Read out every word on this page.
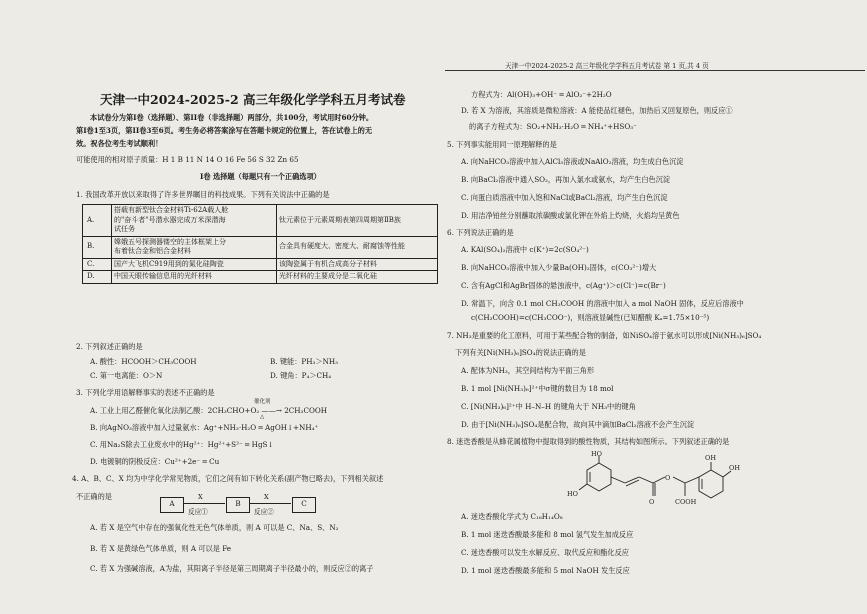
天津一中2024-2025-2 高三年级化学学科五月考试卷
本试卷分为第I卷（选择题）、第II卷（非选择题）两部分，共100分，考试用时60分钟。
第I卷1至3页，第II卷3至6页。考生务必将答案涂写在答题卡规定的位置上，答在试卷上的无
效。祝各位考生考试顺利！
可能使用的相对原子质量：H 1 B 11 N 14 O 16 Fe 56 S 32 Zn 65
I卷 选择题（每题只有一个正确选项）
1. 我国改革开放以来取得了许多世界瞩目的科技成果。下列有关说法中正确的是
A.	搭载有新型钛合金材料Ti-62A载人舱
的"奋斗者"号潜水器完成万米深潜海
试任务	钛元素位于元素周期表第四周期第ⅡB族
B.	嫦娥五号探测器镂空的主体框架上分
布着钛合金和铝合金材料	合金具有硬度大、密度大、耐腐蚀等性能
C.	国产大飞机C919用到的氮化硅陶瓷	该陶瓷属于有机合成高分子材料
D.	中国天眼传输信息用的光纤材料	光纤材料的主要成分是二氧化硅
2. 下列叙述正确的是
A. 酸性：HCOOH＞CH₃COOH	B. 键能：PH₃＞NH₃
C. 第一电离能：O＞N	D. 键角：P₄＞CH₄
3. 下列化学用语解释事实的表述不正确的是
催化剂
A. 工业上用乙醛催化氧化法制乙酸：2CH₃CHO+O₂ ——→ 2CH₃COOH
△
B. 向AgNO₃溶液中加入过量氨水：Ag⁺+NH₃·H₂O ═ AgOH↓+NH₄⁺
C. 用Na₂S除去工业废水中的Hg²⁺：Hg²⁺+S²⁻ ═ HgS↓
D. 电镀铜的阴极反应：Cu²⁺+2e⁻ ═ Cu
4. A、B、C、X 均为中学化学常见物质，它们之间有如下转化关系(副产物已略去)，下列相关叙述
不正确的是
A
X
反应①
B
X
反应②
C
A. 若 X 是空气中存在的强氧化性无色气体单质，则 A 可以是 C、Na、S、N₂
B. 若 X 是黄绿色气体单质，则 A 可以是 Fe
C. 若 X 为强碱溶液，A为盐，其阳离子半径是第三周期离子半径最小的，则反应②的离子
天津一中2024-2025-2 高三年级化学学科五月考试卷 第 1 页,共 4 页
方程式为：Al(OH)₃+OH⁻ ═ AlO₂⁻+2H₂O
D. 若 X 为溶液，其溶质是微粒溶液：A 能使品红褪色，加热后又回复原色，则反应①
的离子方程式为：SO₂+NH₃·H₂O ═ NH₄⁺+HSO₃⁻
5. 下列事实能用同一原理解释的是
A. 向NaHCO₃溶液中加入AlCl₃溶液或NaAlO₂溶液，均生成白色沉淀
B. 向BaCl₂溶液中通入SO₂，再加入氯水或氨水，均产生白色沉淀
C. 向蛋白质溶液中加入饱和NaCl或BaCl₂溶液，均产生白色沉淀
D. 用洁净铂丝分别蘸取浓碳酸或氯化钾在外焰上灼烧，火焰均呈黄色
6. 下列说法正确的是
A. KAl(SO₄)₂溶液中 c(K⁺)=2c(SO₄²⁻)
B. 向NaHCO₃溶液中加入少量Ba(OH)₂固体，c(CO₃²⁻)增大
C. 含有AgCl和AgBr固体的悬浊液中，c(Ag⁺)＞c(Cl⁻)=c(Br⁻)
D. 常温下，向含 0.1 mol CH₃COOH 的溶液中加入 a mol NaOH 固体，反应后溶液中
c(CH₃COOH)=c(CH₃COO⁻)，则溶液显碱性(已知醋酸 Kₐ=1.75×10⁻⁵)
7. NH₃是重要的化工原料，可用于某些配合物的制备，如NiSO₄溶于氨水可以形成[Ni(NH₃)₆]SO₄
下列有关[Ni(NH₃)₆]SO₄的说法正确的是
A. 配体为NH₃，其空间结构为平面三角形
B. 1 mol [Ni(NH₃)₆]²⁺中σ键的数目为 18 mol
C. [Ni(NH₃)₆]²⁺中 H–N–H 的键角大于 NH₃中的键角
D. 由于[Ni(NH₃)₆]SO₄是配合物，故向其中滴加BaCl₂溶液不会产生沉淀
8. 迷迭香酸是从蜂花属植物中提取得到的酸性物质，其结构如图所示。下列叙述正确的是
HO
HO
O
O	COOH
OH
OH
A. 迷迭香酸化学式为 C₁₈H₁₄O₈
B. 1 mol 迷迭香酸最多能和 8 mol 氢气发生加成反应
C. 迷迭香酸可以发生水解反应、取代反应和酯化反应
D. 1 mol 迷迭香酸最多能和 5 mol NaOH 发生反应
